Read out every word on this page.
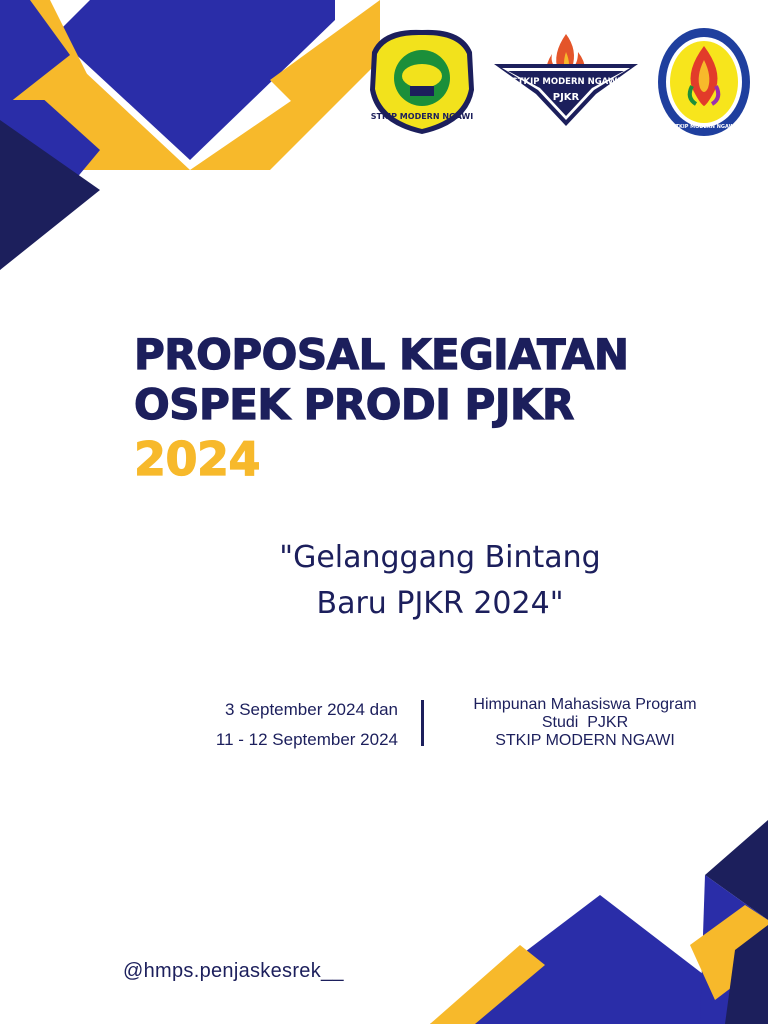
STKIP MODERN NGAWI
STKIP MODERN NGAWI
PJKR
STKIP MODERN NGAWI
PROPOSAL KEGIATAN
OSPEK PRODI PJKR
2024
"Gelanggang Bintang
Baru PJKR 2024"
3 September 2024 dan
11 - 12 September 2024
Himpunan Mahasiswa Program
Studi  PJKR
STKIP MODERN NGAWI
@hmps.penjaskesrek__
